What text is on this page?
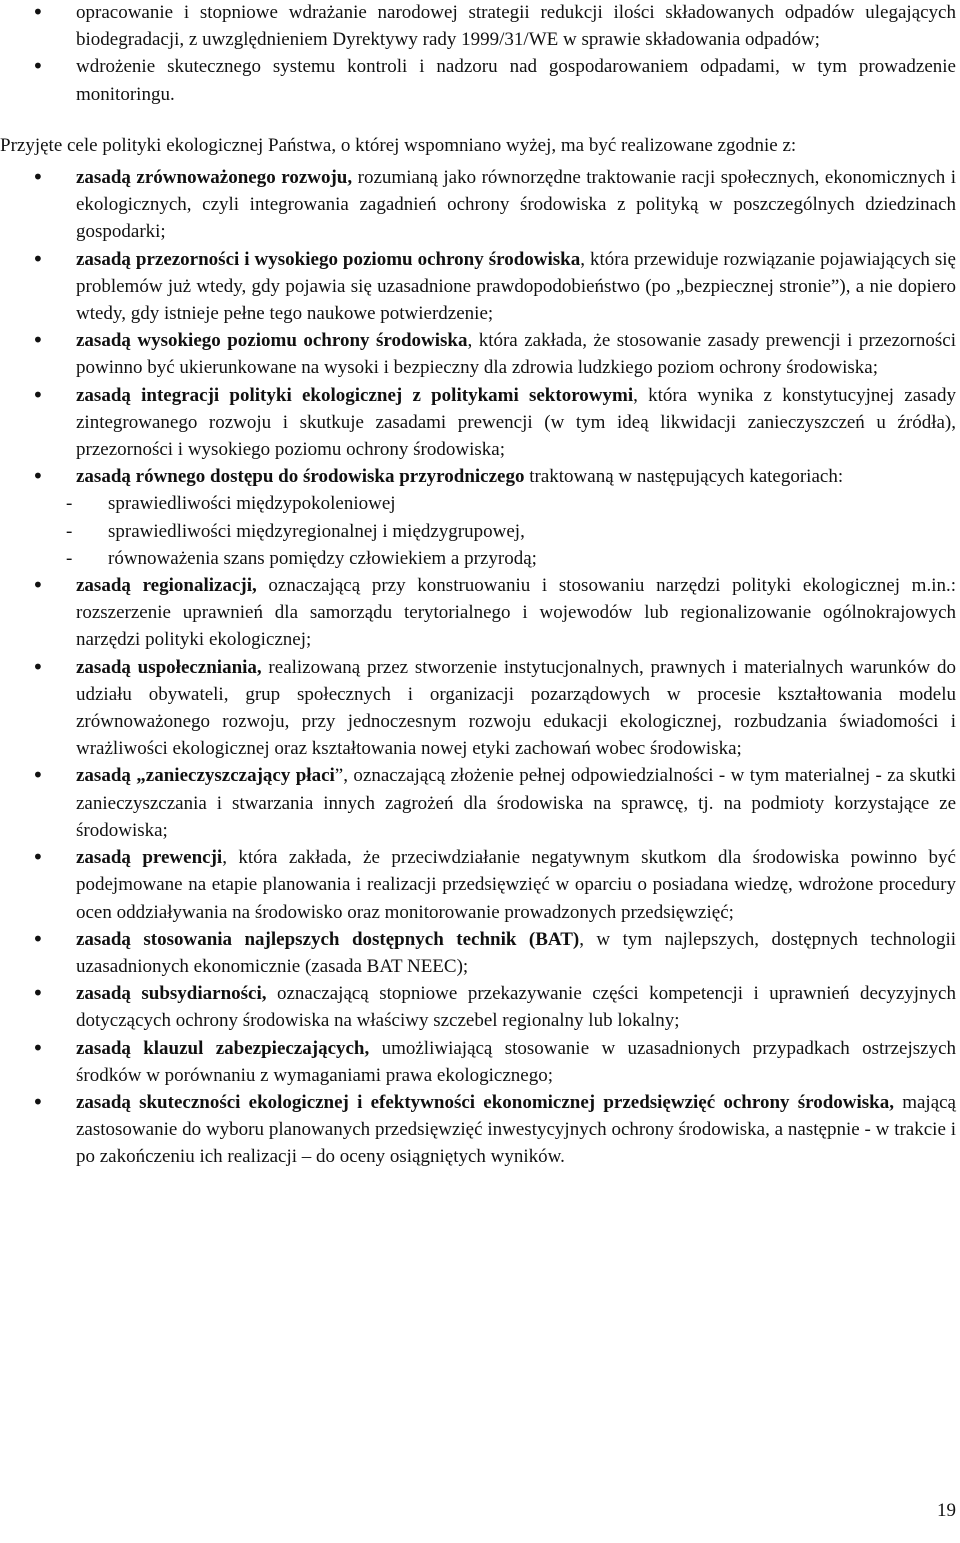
• opracowanie i stopniowe wdrażanie narodowej strategii redukcji ilości składowanych odpadów ulegających biodegradacji, z uwzględnieniem Dyrektywy rady 1999/31/WE w sprawie składowania odpadów;
• wdrożenie skutecznego systemu kontroli i nadzoru nad gospodarowaniem odpadami, w tym prowadzenie monitoringu.

Przyjęte cele polityki ekologicznej Państwa, o której wspomniano wyżej, ma być realizowane zgodnie z:

• zasadą zrównoważonego rozwoju, rozumianą jako równorzędne traktowanie racji społecznych, ekonomicznych i ekologicznych, czyli integrowania zagadnień ochrony środowiska z polityką w poszczególnych dziedzinach gospodarki;
• zasadą przezorności i wysokiego poziomu ochrony środowiska, która przewiduje rozwiązanie pojawiających się problemów już wtedy, gdy pojawia się uzasadnione prawdopodobieństwo (po „bezpiecznej stronie”), a nie dopiero wtedy, gdy istnieje pełne tego naukowe potwierdzenie;
• zasadą wysokiego poziomu ochrony środowiska, która zakłada, że stosowanie zasady prewencji i przezorności powinno być ukierunkowane na wysoki i bezpieczny dla zdrowia ludzkiego poziom ochrony środowiska;
• zasadą integracji polityki ekologicznej z politykami sektorowymi, która wynika z konstytucyjnej zasady zintegrowanego rozwoju i skutkuje zasadami prewencji (w tym ideą likwidacji zanieczyszczeń u źródła), przezorności i wysokiego poziomu ochrony środowiska;
• zasadą równego dostępu do środowiska przyrodniczego traktowaną w następujących kategoriach:
- sprawiedliwości międzypokoleniowej
- sprawiedliwości międzyregionalnej i międzygrupowej,
- równoważenia szans pomiędzy człowiekiem a przyrodą;
• zasadą regionalizacji, oznaczającą przy konstruowaniu i stosowaniu narzędzi polityki ekologicznej m.in.: rozszerzenie uprawnień dla samorządu terytorialnego i wojewodów lub regionalizowanie ogólnokrajowych narzędzi polityki ekologicznej;
• zasadą uspołeczniania, realizowaną przez stworzenie instytucjonalnych, prawnych i materialnych warunków do udziału obywateli, grup społecznych i organizacji pozarządowych w procesie kształtowania modelu zrównoważonego rozwoju, przy jednoczesnym rozwoju edukacji ekologicznej, rozbudzania świadomości i wrażliwości ekologicznej oraz kształtowania nowej etyki zachowań wobec środowiska;
• zasadą „zanieczyszczający płaci”, oznaczającą złożenie pełnej odpowiedzialności - w tym materialnej - za skutki zanieczyszczania i stwarzania innych zagrożeń dla środowiska na sprawcę, tj. na podmioty korzystające ze środowiska;
• zasadą prewencji, która zakłada, że przeciwdziałanie negatywnym skutkom dla środowiska powinno być podejmowane na etapie planowania i realizacji przedsięwzięć w oparciu o posiadana wiedzę, wdrożone procedury ocen oddziaływania na środowisko oraz monitorowanie prowadzonych przedsięwzięć;
• zasadą stosowania najlepszych dostępnych technik (BAT), w tym najlepszych, dostępnych technologii uzasadnionych ekonomicznie (zasada BAT NEEC);
• zasadą subsydiarności, oznaczającą stopniowe przekazywanie części kompetencji i uprawnień decyzyjnych dotyczących ochrony środowiska na właściwy szczebel regionalny lub lokalny;
• zasadą klauzul zabezpieczających, umożliwiającą stosowanie w uzasadnionych przypadkach ostrzejszych środków w porównaniu z wymaganiami prawa ekologicznego;
• zasadą skuteczności ekologicznej i efektywności ekonomicznej przedsięwzięć ochrony środowiska, mającą zastosowanie do wyboru planowanych przedsięwzięć inwestycyjnych ochrony środowiska, a następnie - w trakcie i po zakończeniu ich realizacji – do oceny osiągniętych wyników.
19
